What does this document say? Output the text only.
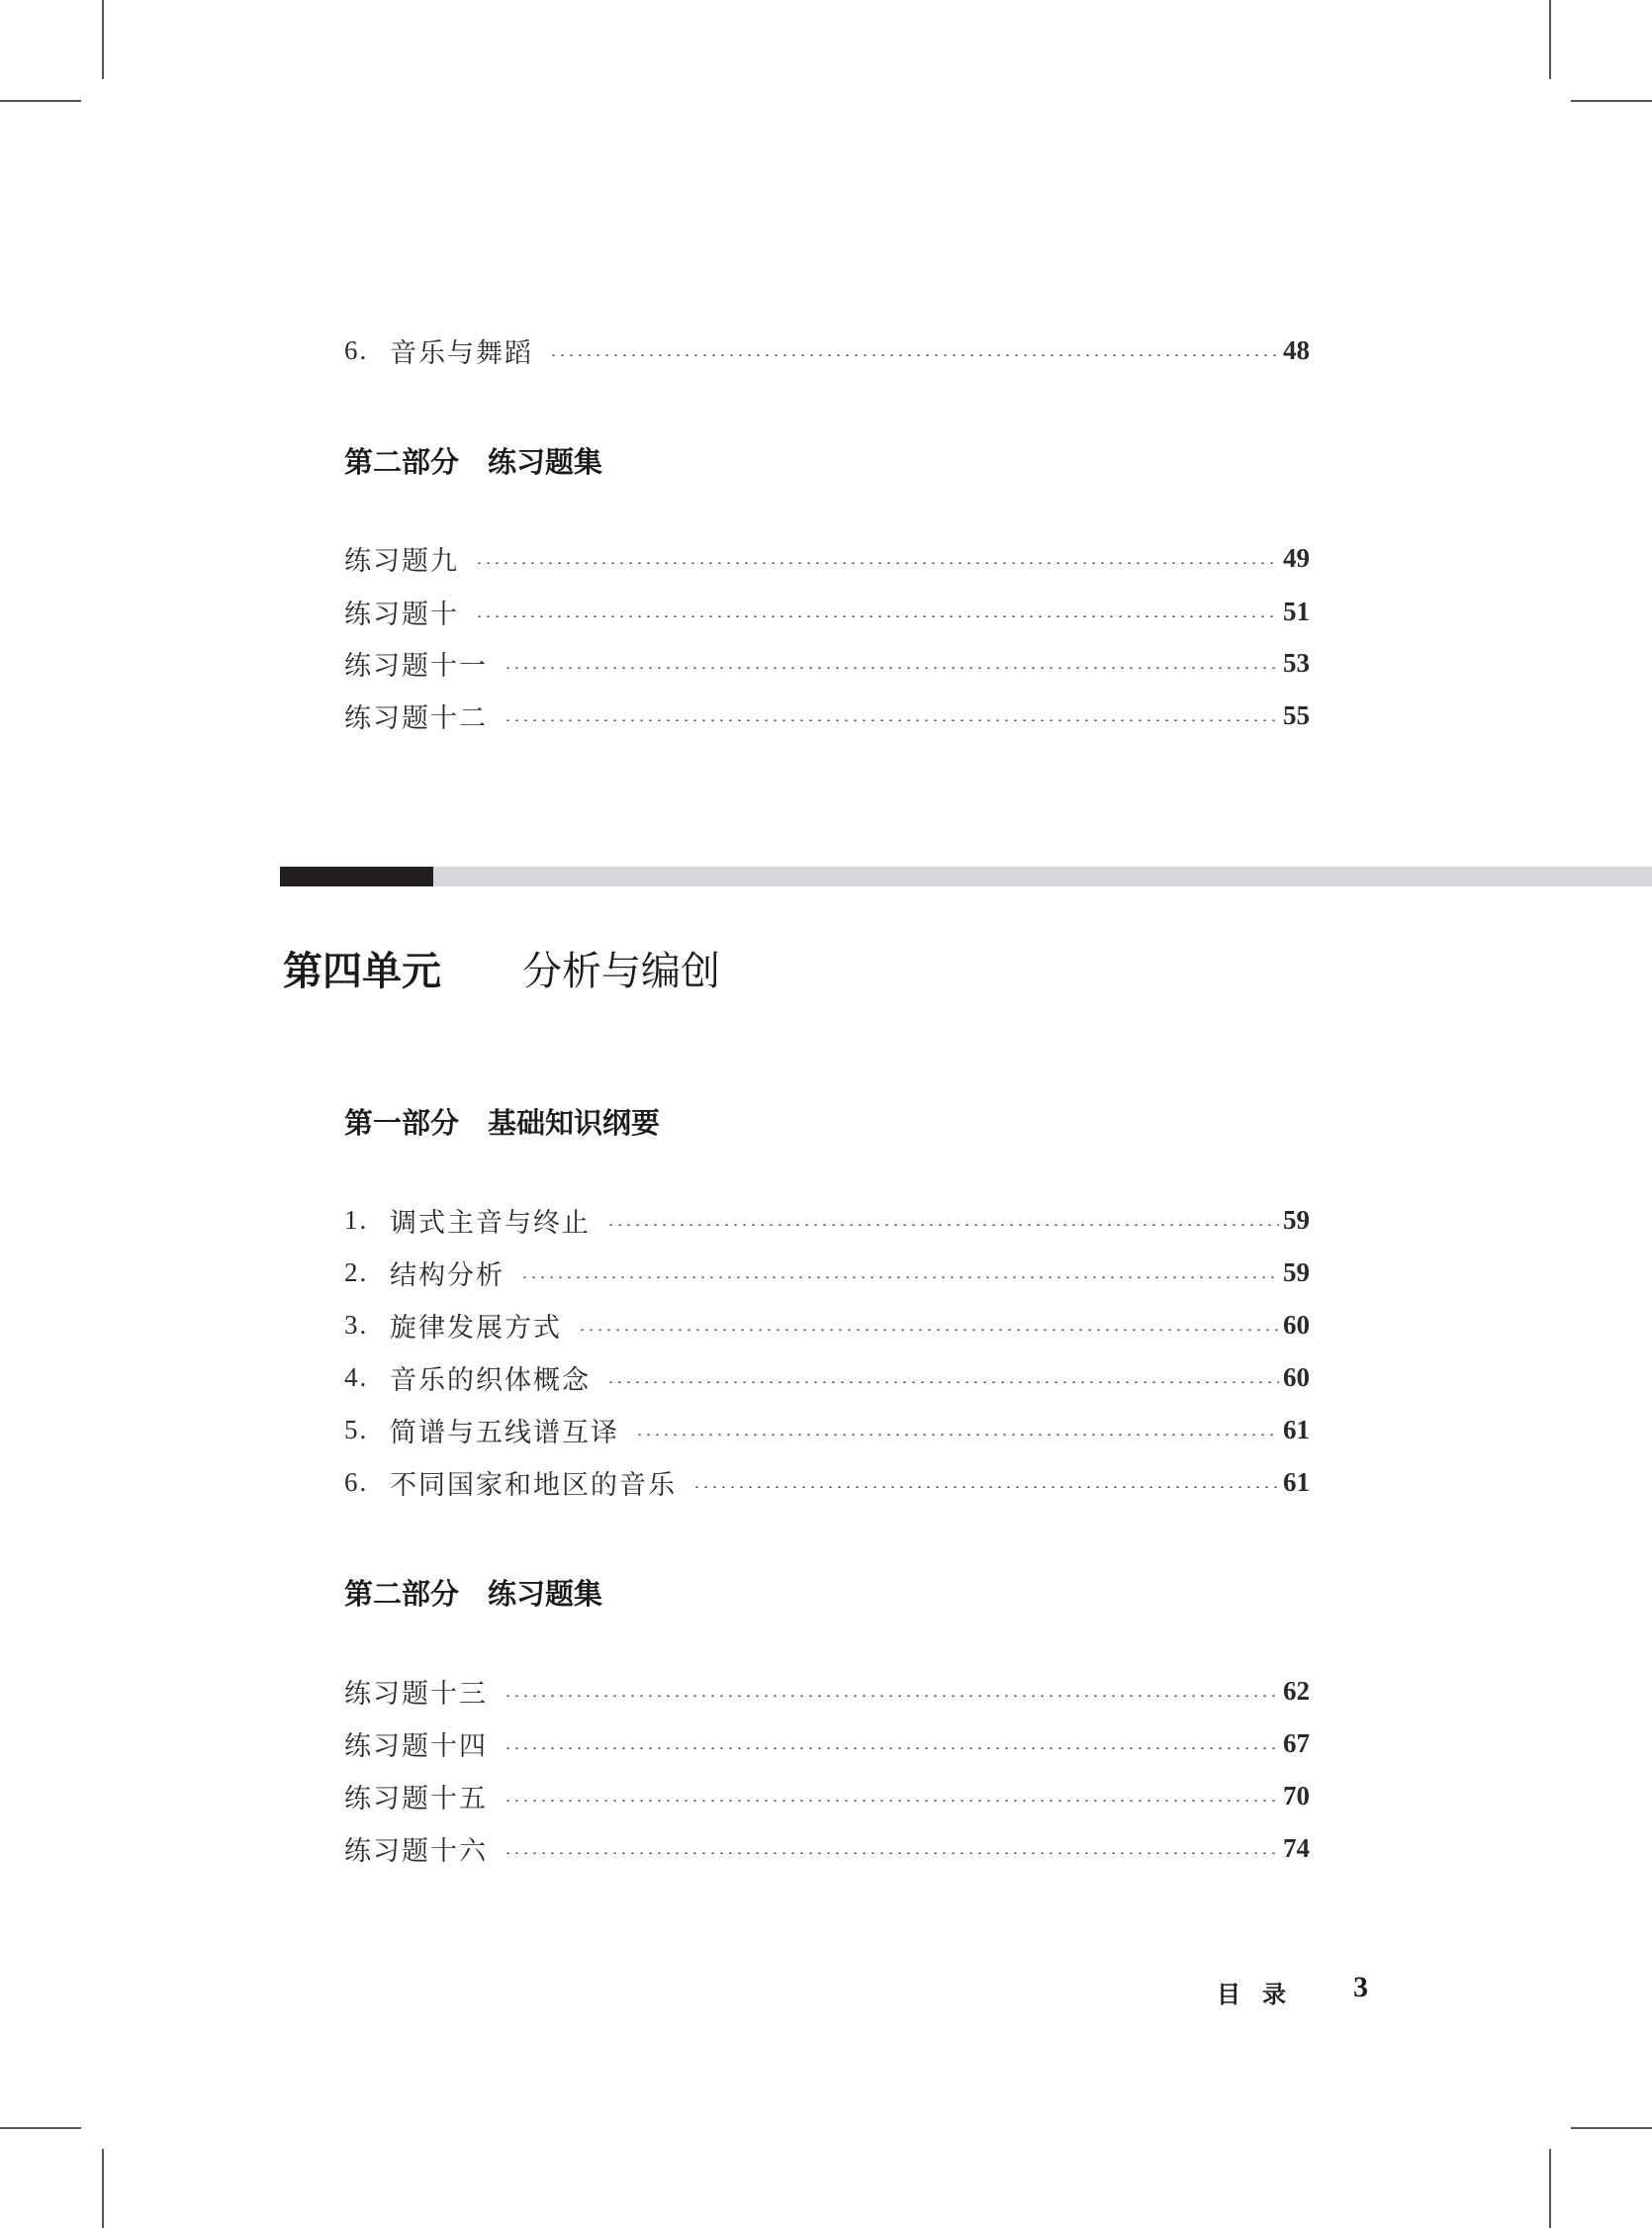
6. 音乐与舞蹈	48
第二部分　练习题集
练习题九	49
练习题十	51
练习题十一	53
练习题十二	55
第四单元 分析与编创
第一部分　基础知识纲要
1. 调式主音与终止	59
2. 结构分析	59
3. 旋律发展方式	60
4. 音乐的织体概念	60
5. 简谱与五线谱互译	61
6. 不同国家和地区的音乐	61
第二部分　练习题集
练习题十三	62
练习题十四	67
练习题十五	70
练习题十六	74
目录 3
